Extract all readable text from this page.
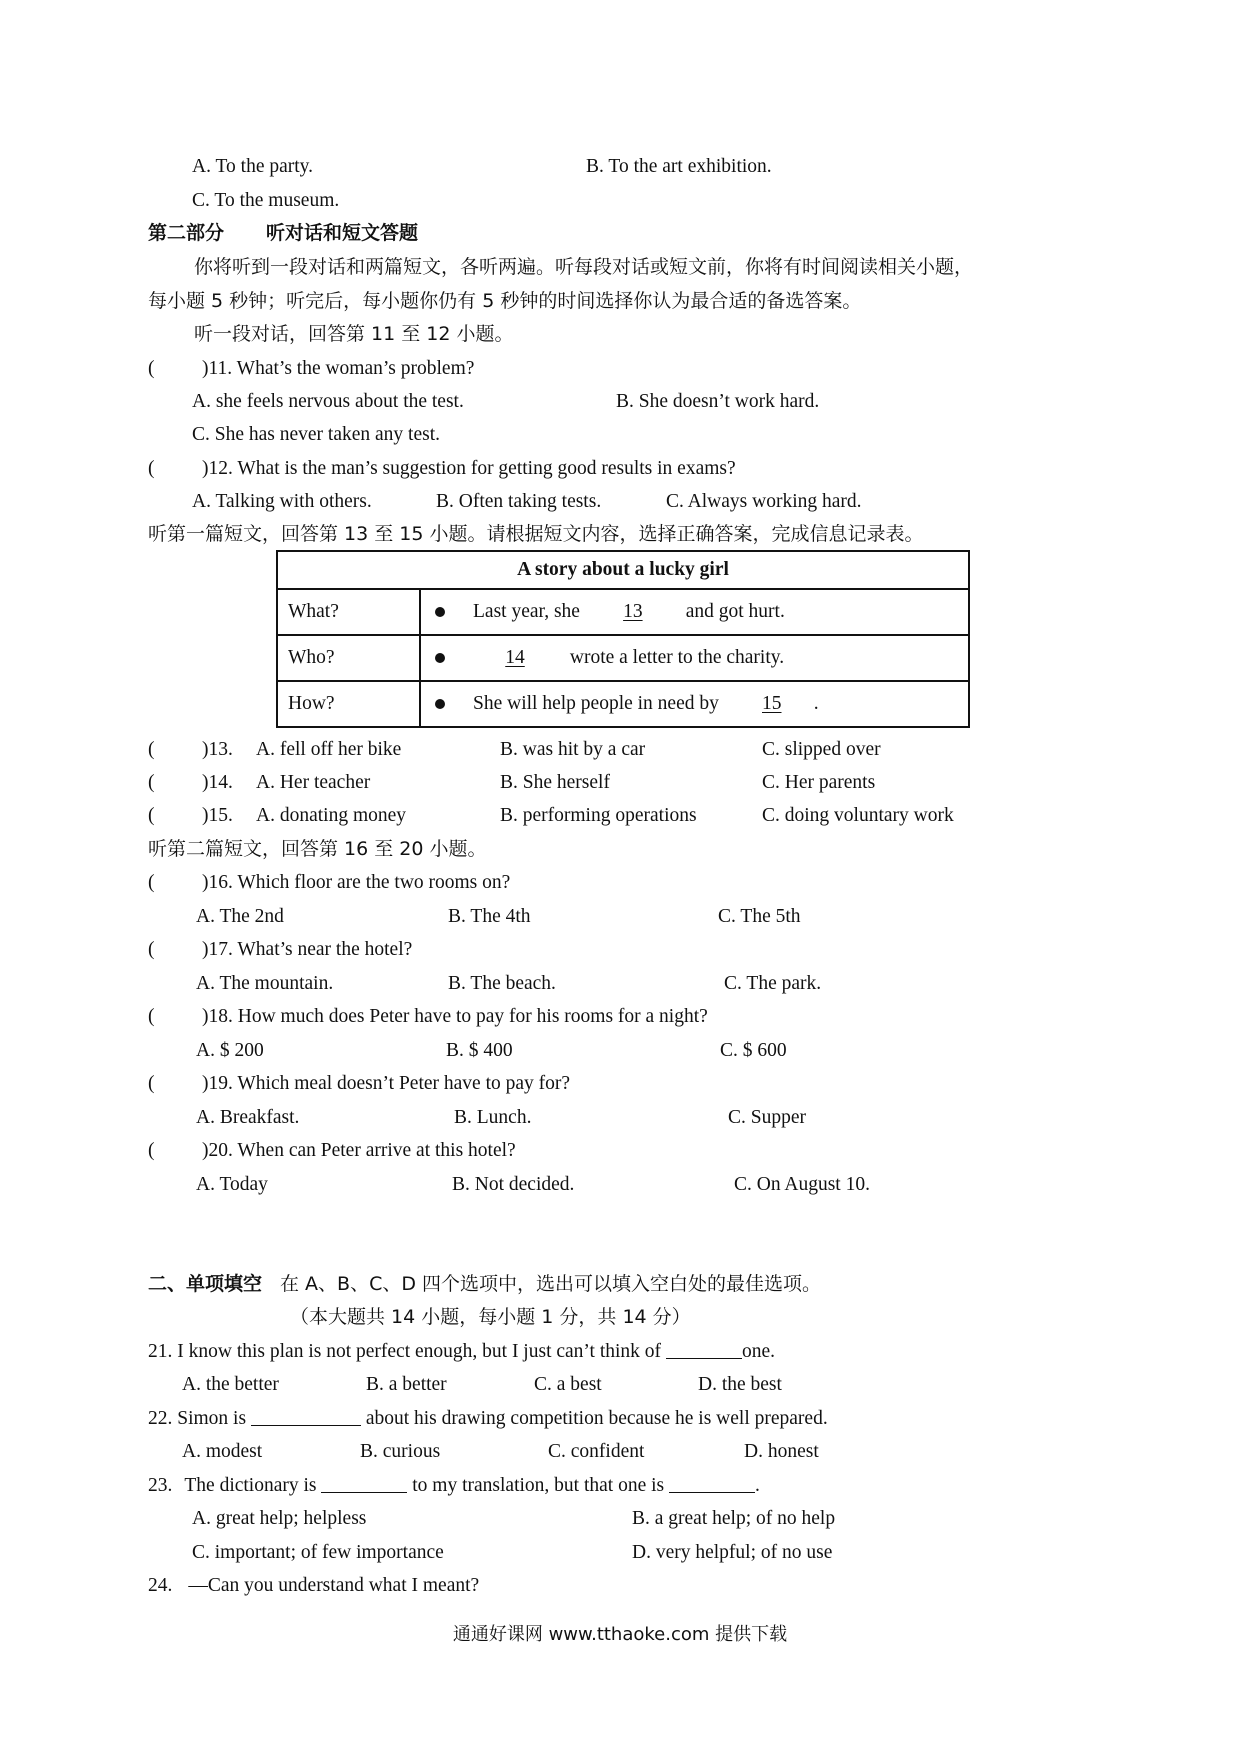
A. To the party.	B. To the art exhibition.
C. To the museum.
第二部分 听对话和短文答题
你将听到一段对话和两篇短文，各听两遍。听每段对话或短文前，你将有时间阅读相关小题，
每小题 5 秒钟；听完后，每小题你仍有 5 秒钟的时间选择你认为最合适的备选答案。
听一段对话，回答第 11 至 12 小题。
( )11. What’s the woman’s problem?
A. she feels nervous about the test.	B. She doesn’t work hard.
C. She has never taken any test.
( )12. What is the man’s suggestion for getting good results in exams?
A. Talking with others.	B. Often taking tests.	C. Always working hard.
听第一篇短文，回答第 13 至 15 小题。请根据短文内容，选择正确答案，完成信息记录表。
A story about a lucky girl	
What?	Last year, she 13 and got hurt.
Who?	14 wrote a letter to the charity.
How?	She will help people in need by 15 .
( )13. A. fell off her bike	B. was hit by a car	C. slipped over
( )14. A. Her teacher	B. She herself	C. Her parents
( )15. A. donating money	B. performing operations	C. doing voluntary work
听第二篇短文，回答第 16 至 20 小题。
( )16. Which floor are the two rooms on?
A. The 2nd	B. The 4th	C. The 5th
( )17. What’s near the hotel?
A. The mountain.	B. The beach.	C. The park.
( )18. How much does Peter have to pay for his rooms for a night?
A. $ 200	B. $ 400	C. $ 600
( )19. Which meal doesn’t Peter have to pay for?
A. Breakfast.	B. Lunch.	C. Supper
( )20. When can Peter arrive at this hotel?
A. Today	B. Not decided.	C. On August 10.
二、单项填空 在 A、B、C、D 四个选项中，选出可以填入空白处的最佳选项。
（本大题共 14 小题，每小题 1 分，共 14 分）
21. I know this plan is not perfect enough, but I just can’t think of	one.
A. the better	B. a better	C. a best	D. the best
22. Simon is	about his drawing competition because he is well prepared.
A. modest	B. curious	C. confident	D. honest
23. The dictionary is	to my translation, but that one is	.
A. great help; helpless	B. a great help; of no help
C. important; of few importance	D. very helpful; of no use
24. —Can you understand what I meant?
通通好课网 www.tthaoke.com 提供下载
